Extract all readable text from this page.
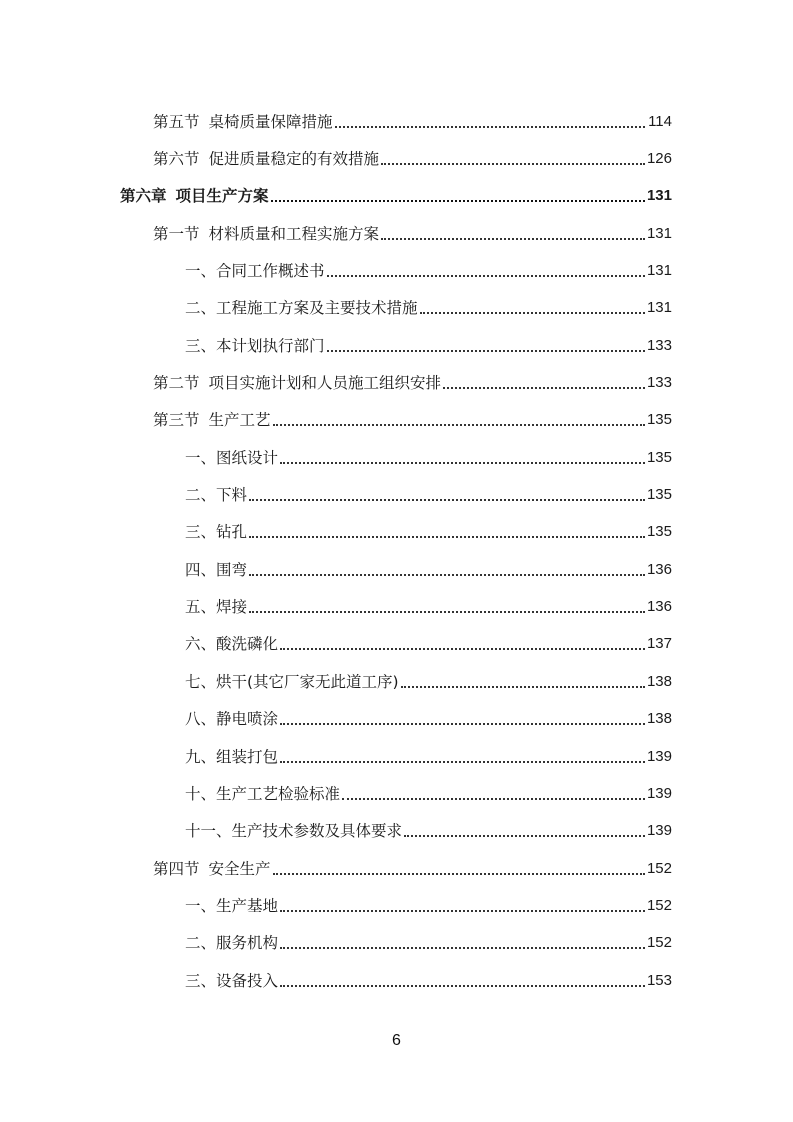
第五节 桌椅质量保障措施	114
第六节 促进质量稳定的有效措施	126
第六章 项目生产方案	131
第一节 材料质量和工程实施方案	131
一、合同工作概述书	131
二、工程施工方案及主要技术措施	131
三、本计划执行部门	133
第二节 项目实施计划和人员施工组织安排	133
第三节 生产工艺	135
一、图纸设计	135
二、下料	135
三、钻孔	135
四、围弯	136
五、焊接	136
六、酸洗磷化	137
七、烘干(其它厂家无此道工序)	138
八、静电喷涂	138
九、组装打包	139
十、生产工艺检验标准	139
十一、生产技术参数及具体要求	139
第四节 安全生产	152
一、生产基地	152
二、服务机构	152
三、设备投入	153
6
